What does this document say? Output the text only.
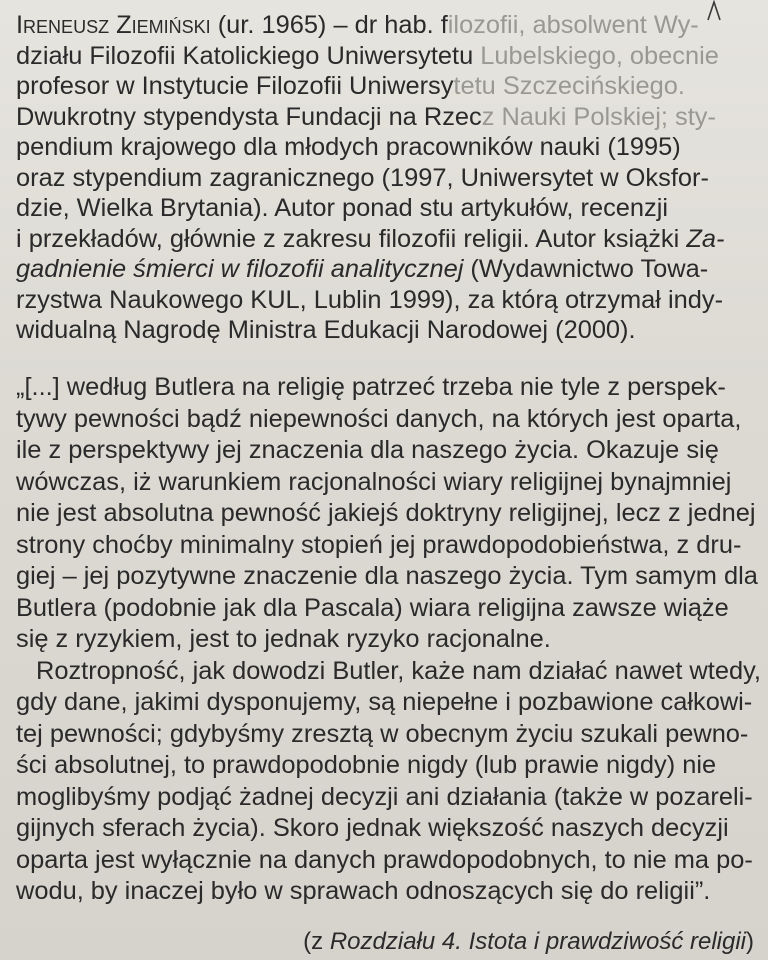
Ireneusz Ziemiński (ur. 1965) – dr hab. filozofii, absolwent Wy-
działu Filozofii Katolickiego Uniwersytetu Lubelskiego, obecnie
profesor w Instytucie Filozofii Uniwersytetu Szczecińskiego.
Dwukrotny stypendysta Fundacji na Rzecz Nauki Polskiej; sty-
pendium krajowego dla młodych pracowników nauki (1995)
oraz stypendium zagranicznego (1997, Uniwersytet w Oksfor-
dzie, Wielka Brytania). Autor ponad stu artykułów, recenzji
i przekładów, głównie z zakresu filozofii religii. Autor książki Za-
gadnienie śmierci w filozofii analitycznej (Wydawnictwo Towa-
rzystwa Naukowego KUL, Lublin 1999), za którą otrzymał indy-
widualną Nagrodę Ministra Edukacji Narodowej (2000).
„[...] według Butlera na religię patrzeć trzeba nie tyle z perspek-
tywy pewności bądź niepewności danych, na których jest oparta,
ile z perspektywy jej znaczenia dla naszego życia. Okazuje się
wówczas, iż warunkiem racjonalności wiary religijnej bynajmniej
nie jest absolutna pewność jakiejś doktryny religijnej, lecz z jednej
strony choćby minimalny stopień jej prawdopodobieństwa, z dru-
giej – jej pozytywne znaczenie dla naszego życia. Tym samym dla
Butlera (podobnie jak dla Pascala) wiara religijna zawsze wiąże
się z ryzykiem, jest to jednak ryzyko racjonalne.
Roztropność, jak dowodzi Butler, każe nam działać nawet wtedy,
gdy dane, jakimi dysponujemy, są niepełne i pozbawione całkowi-
tej pewności; gdybyśmy zresztą w obecnym życiu szukali pewno-
ści absolutnej, to prawdopodobnie nigdy (lub prawie nigdy) nie
moglibyśmy podjąć żadnej decyzji ani działania (także w pozareli-
gijnych sferach życia). Skoro jednak większość naszych decyzji
oparta jest wyłącznie na danych prawdopodobnych, to nie ma po-
wodu, by inaczej było w sprawach odnoszących się do religii”.
(z Rozdziału 4. Istota i prawdziwość religii)
